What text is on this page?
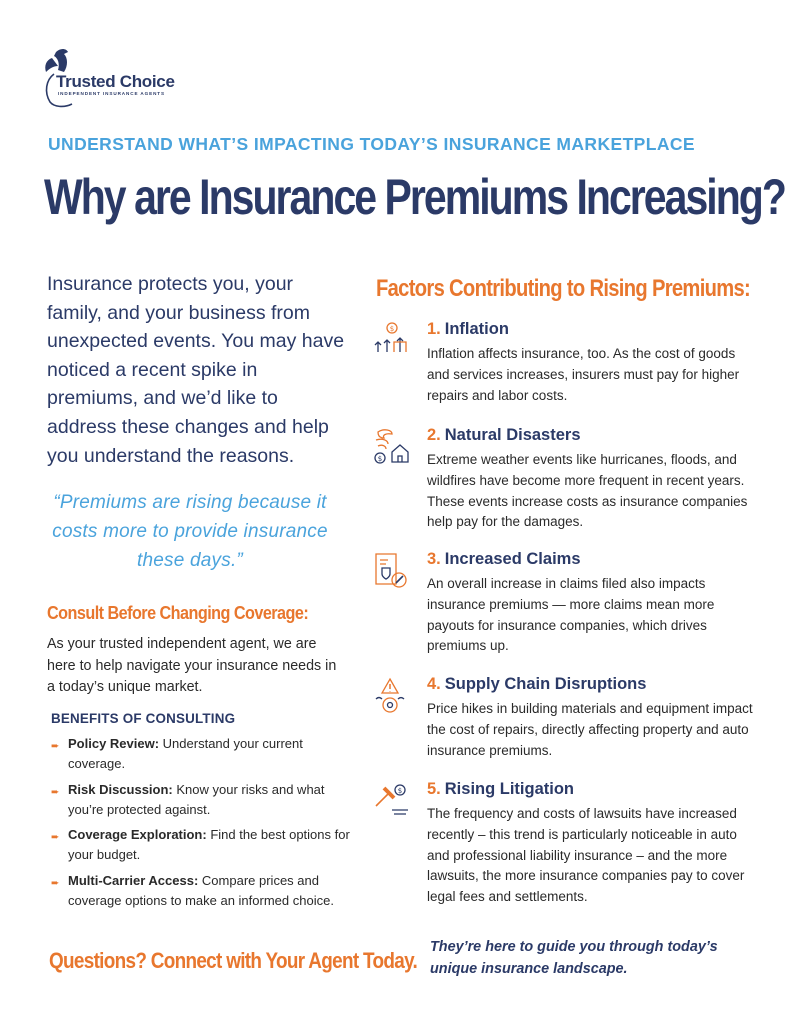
Trusted Choice
INDEPENDENT INSURANCE AGENTS
UNDERSTAND WHAT’S IMPACTING TODAY’S INSURANCE MARKETPLACE
Why are Insurance Premiums Increasing?

Insurance protects you, your family, and your business from unexpected events. You may have noticed a recent spike in premiums, and we’d like to address these changes and help you understand the reasons.

“Premiums are rising because it costs more to provide insurance these days.”

Consult Before Changing Coverage:

As your trusted independent agent, we are here to help navigate your insurance needs in a today’s unique market.

BENEFITS OF CONSULTING
➨ Policy Review: Understand your current coverage.
➨ Risk Discussion: Know your risks and what you’re protected against.
➨ Coverage Exploration: Find the best options for your budget.
➨ Multi-Carrier Access: Compare prices and coverage options to make an informed choice.
Questions? Connect with Your Agent Today.

They’re here to guide you through today’s unique insurance landscape.

Factors Contributing to Rising Premiums:
$ 1. Inflation

Inflation affects insurance, too. As the cost of goods and services increases, insurers must pay for higher repairs and labor costs.

$
2. Natural Disasters

Extreme weather events like hurricanes, floods, and wildfires have become more frequent in recent years. These events increase costs as insurance companies help pay for the damages.

3. Increased Claims

An overall increase in claims filed also impacts insurance premiums — more claims mean more payouts for insurance companies, which drives premiums up.

4. Supply Chain Disruptions

Price hikes in building materials and equipment impact the cost of repairs, directly affecting property and auto insurance premiums.

$ 5. Rising Litigation

The frequency and costs of lawsuits have increased recently – this trend is particularly noticeable in auto and professional liability insurance – and the more lawsuits, the more insurance companies pay to cover legal fees and settlements.
